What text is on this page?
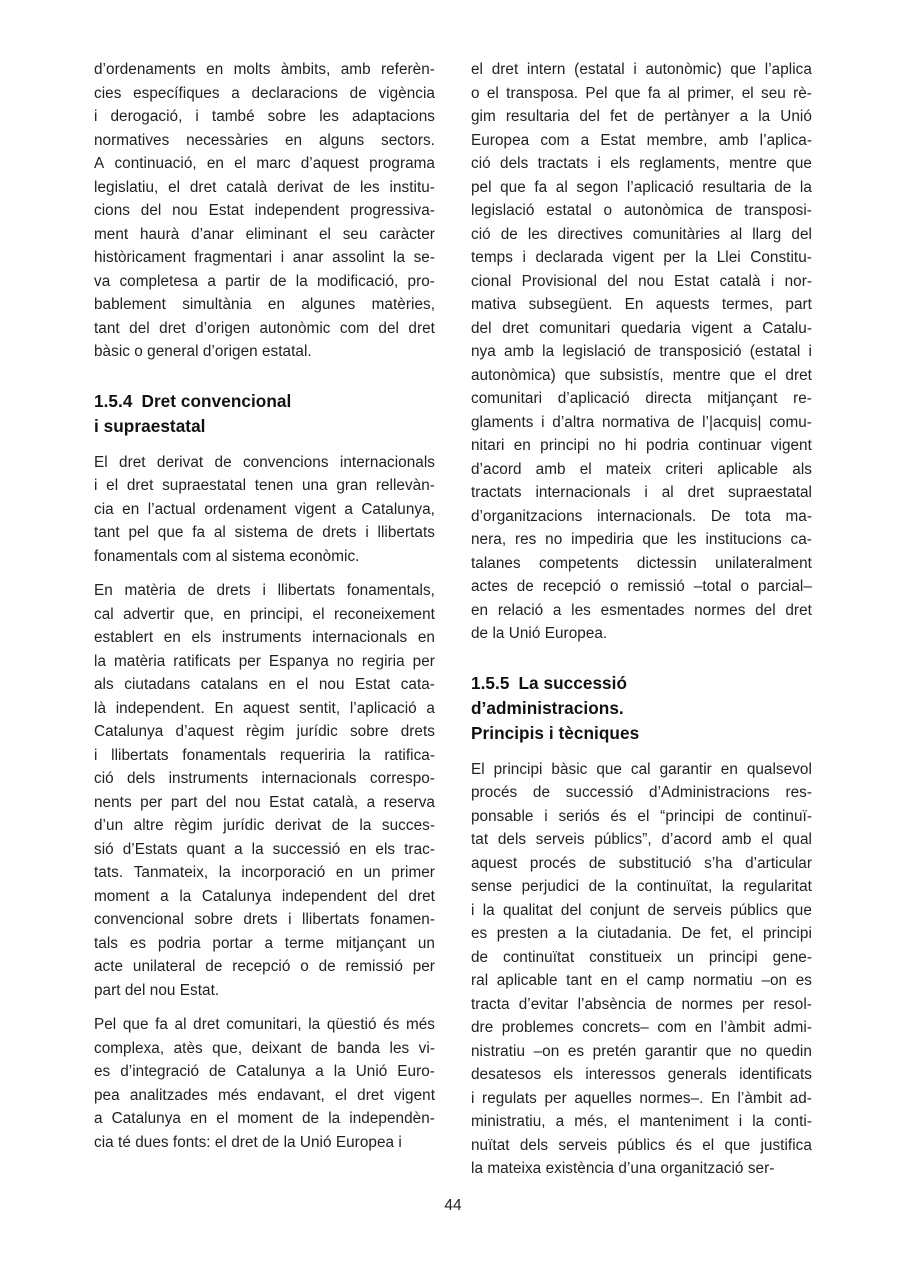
d’ordenaments en molts àmbits, amb referèn-
cies específiques a declaracions de vigència
i derogació, i també sobre les adaptacions
normatives necessàries en alguns sectors.
A continuació, en el marc d’aquest programa
legislatiu, el dret català derivat de les institu-
cions del nou Estat independent progressiva-
ment haurà d’anar eliminant el seu caràcter
històricament fragmentari i anar assolint la se-
va completesa a partir de la modificació, pro-
bablement simultània en algunes matèries,
tant del dret d’origen autonòmic com del dret
bàsic o general d’origen estatal.
1.5.4 Dret convencional
i supraestatal
El dret derivat de convencions internacionals
i el dret supraestatal tenen una gran rellevàn-
cia en l’actual ordenament vigent a Catalunya,
tant pel que fa al sistema de drets i llibertats
fonamentals com al sistema econòmic.
En matèria de drets i llibertats fonamentals,
cal advertir que, en principi, el reconeixement
establert en els instruments internacionals en
la matèria ratificats per Espanya no regiria per
als ciutadans catalans en el nou Estat cata-
là independent. En aquest sentit, l’aplicació a
Catalunya d’aquest règim jurídic sobre drets
i llibertats fonamentals requeriria la ratifica-
ció dels instruments internacionals correspo-
nents per part del nou Estat català, a reserva
d’un altre règim jurídic derivat de la succes-
sió d’Estats quant a la successió en els trac-
tats. Tanmateix, la incorporació en un primer
moment a la Catalunya independent del dret
convencional sobre drets i llibertats fonamen-
tals es podria portar a terme mitjançant un
acte unilateral de recepció o de remissió per
part del nou Estat.
Pel que fa al dret comunitari, la qüestió és més
complexa, atès que, deixant de banda les vi-
es d’integració de Catalunya a la Unió Euro-
pea analitzades més endavant, el dret vigent
a Catalunya en el moment de la independèn-
cia té dues fonts: el dret de la Unió Europea i
el dret intern (estatal i autonòmic) que l’aplica
o el transposa. Pel que fa al primer, el seu rè-
gim resultaria del fet de pertànyer a la Unió
Europea com a Estat membre, amb l’aplica-
ció dels tractats i els reglaments, mentre que
pel que fa al segon l’aplicació resultaria de la
legislació estatal o autonòmica de transposi-
ció de les directives comunitàries al llarg del
temps i declarada vigent per la Llei Constitu-
cional Provisional del nou Estat català i nor-
mativa subsegüent. En aquests termes, part
del dret comunitari quedaria vigent a Catalu-
nya amb la legislació de transposició (estatal i
autonòmica) que subsistís, mentre que el dret
comunitari d’aplicació directa mitjançant re-
glaments i d’altra normativa de l’|acquis| comu-
nitari en principi no hi podria continuar vigent
d’acord amb el mateix criteri aplicable als
tractats internacionals i al dret supraestatal
d’organitzacions internacionals. De tota ma-
nera, res no impediria que les institucions ca-
talanes competents dictessin unilateralment
actes de recepció o remissió –total o parcial–
en relació a les esmentades normes del dret
de la Unió Europea.
1.5.5 La successió
d’administracions.
Principis i tècniques
El principi bàsic que cal garantir en qualsevol
procés de successió d’Administracions res-
ponsable i seriós és el “principi de continuï-
tat dels serveis públics”, d’acord amb el qual
aquest procés de substitució s’ha d’articular
sense perjudici de la continuïtat, la regularitat
i la qualitat del conjunt de serveis públics que
es presten a la ciutadania. De fet, el principi
de continuïtat constitueix un principi gene-
ral aplicable tant en el camp normatiu –on es
tracta d’evitar l’absència de normes per resol-
dre problemes concrets– com en l’àmbit admi-
nistratiu –on es pretén garantir que no quedin
desatesos els interessos generals identificats
i regulats per aquelles normes–. En l’àmbit ad-
ministratiu, a més, el manteniment i la conti-
nuïtat dels serveis públics és el que justifica
la mateixa existència d’una organització ser-
44
